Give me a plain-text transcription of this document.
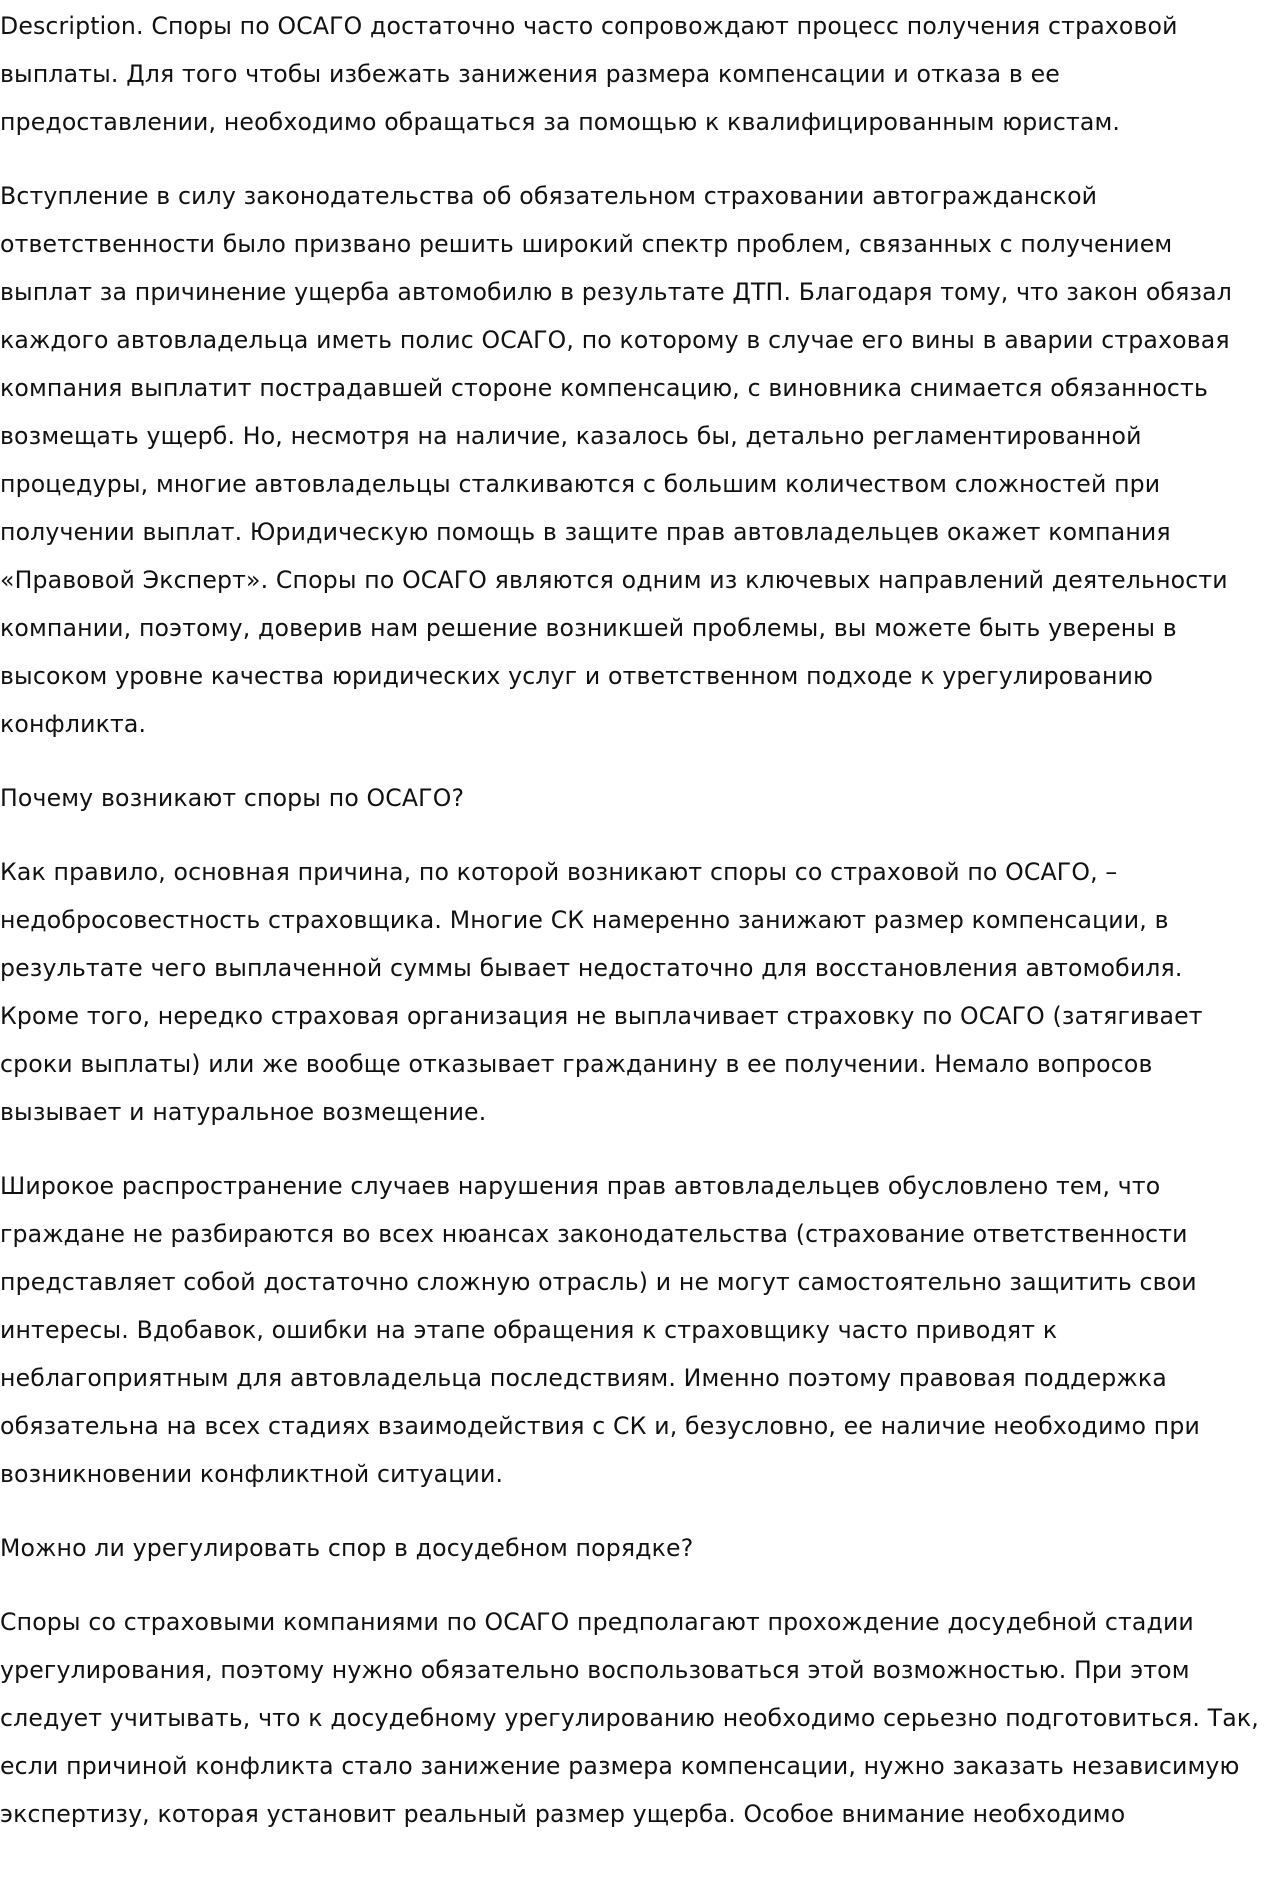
Description. Споры по ОСАГО достаточно часто сопровождают процесс получения страховой выплаты. Для того чтобы избежать занижения размера компенсации и отказа в ее предоставлении, необходимо обращаться за помощью к квалифицированным юристам.

Вступление в силу законодательства об обязательном страховании автогражданской ответственности было призвано решить широкий спектр проблем, связанных с получением выплат за причинение ущерба автомобилю в результате ДТП. Благодаря тому, что закон обязал каждого автовладельца иметь полис ОСАГО, по которому в случае его вины в аварии страховая компания выплатит пострадавшей стороне компенсацию, с виновника снимается обязанность возмещать ущерб. Но, несмотря на наличие, казалось бы, детально регламентированной процедуры, многие автовладельцы сталкиваются с большим количеством сложностей при получении выплат. Юридическую помощь в защите прав автовладельцев окажет компания «Правовой Эксперт». Споры по ОСАГО являются одним из ключевых направлений деятельности компании, поэтому, доверив нам решение возникшей проблемы, вы можете быть уверены в высоком уровне качества юридических услуг и ответственном подходе к урегулированию конфликта.

Почему возникают споры по ОСАГО?

Как правило, основная причина, по которой возникают споры со страховой по ОСАГО, – недобросовестность страховщика. Многие СК намеренно занижают размер компенсации, в результате чего выплаченной суммы бывает недостаточно для восстановления автомобиля. Кроме того, нередко страховая организация не выплачивает страховку по ОСАГО (затягивает сроки выплаты) или же вообще отказывает гражданину в ее получении. Немало вопросов вызывает и натуральное возмещение.

Широкое распространение случаев нарушения прав автовладельцев обусловлено тем, что граждане не разбираются во всех нюансах законодательства (страхование ответственности представляет собой достаточно сложную отрасль) и не могут самостоятельно защитить свои интересы. Вдобавок, ошибки на этапе обращения к страховщику часто приводят к неблагоприятным для автовладельца последствиям. Именно поэтому правовая поддержка обязательна на всех стадиях взаимодействия с СК и, безусловно, ее наличие необходимо при возникновении конфликтной ситуации.

Можно ли урегулировать спор в досудебном порядке?

Споры со страховыми компаниями по ОСАГО предполагают прохождение досудебной стадии урегулирования, поэтому нужно обязательно воспользоваться этой возможностью. При этом следует учитывать, что к досудебному урегулированию необходимо серьезно подготовиться. Так, если причиной конфликта стало занижение размера компенсации, нужно заказать независимую экспертизу, которая установит реальный размер ущерба. Особое внимание необходимо
